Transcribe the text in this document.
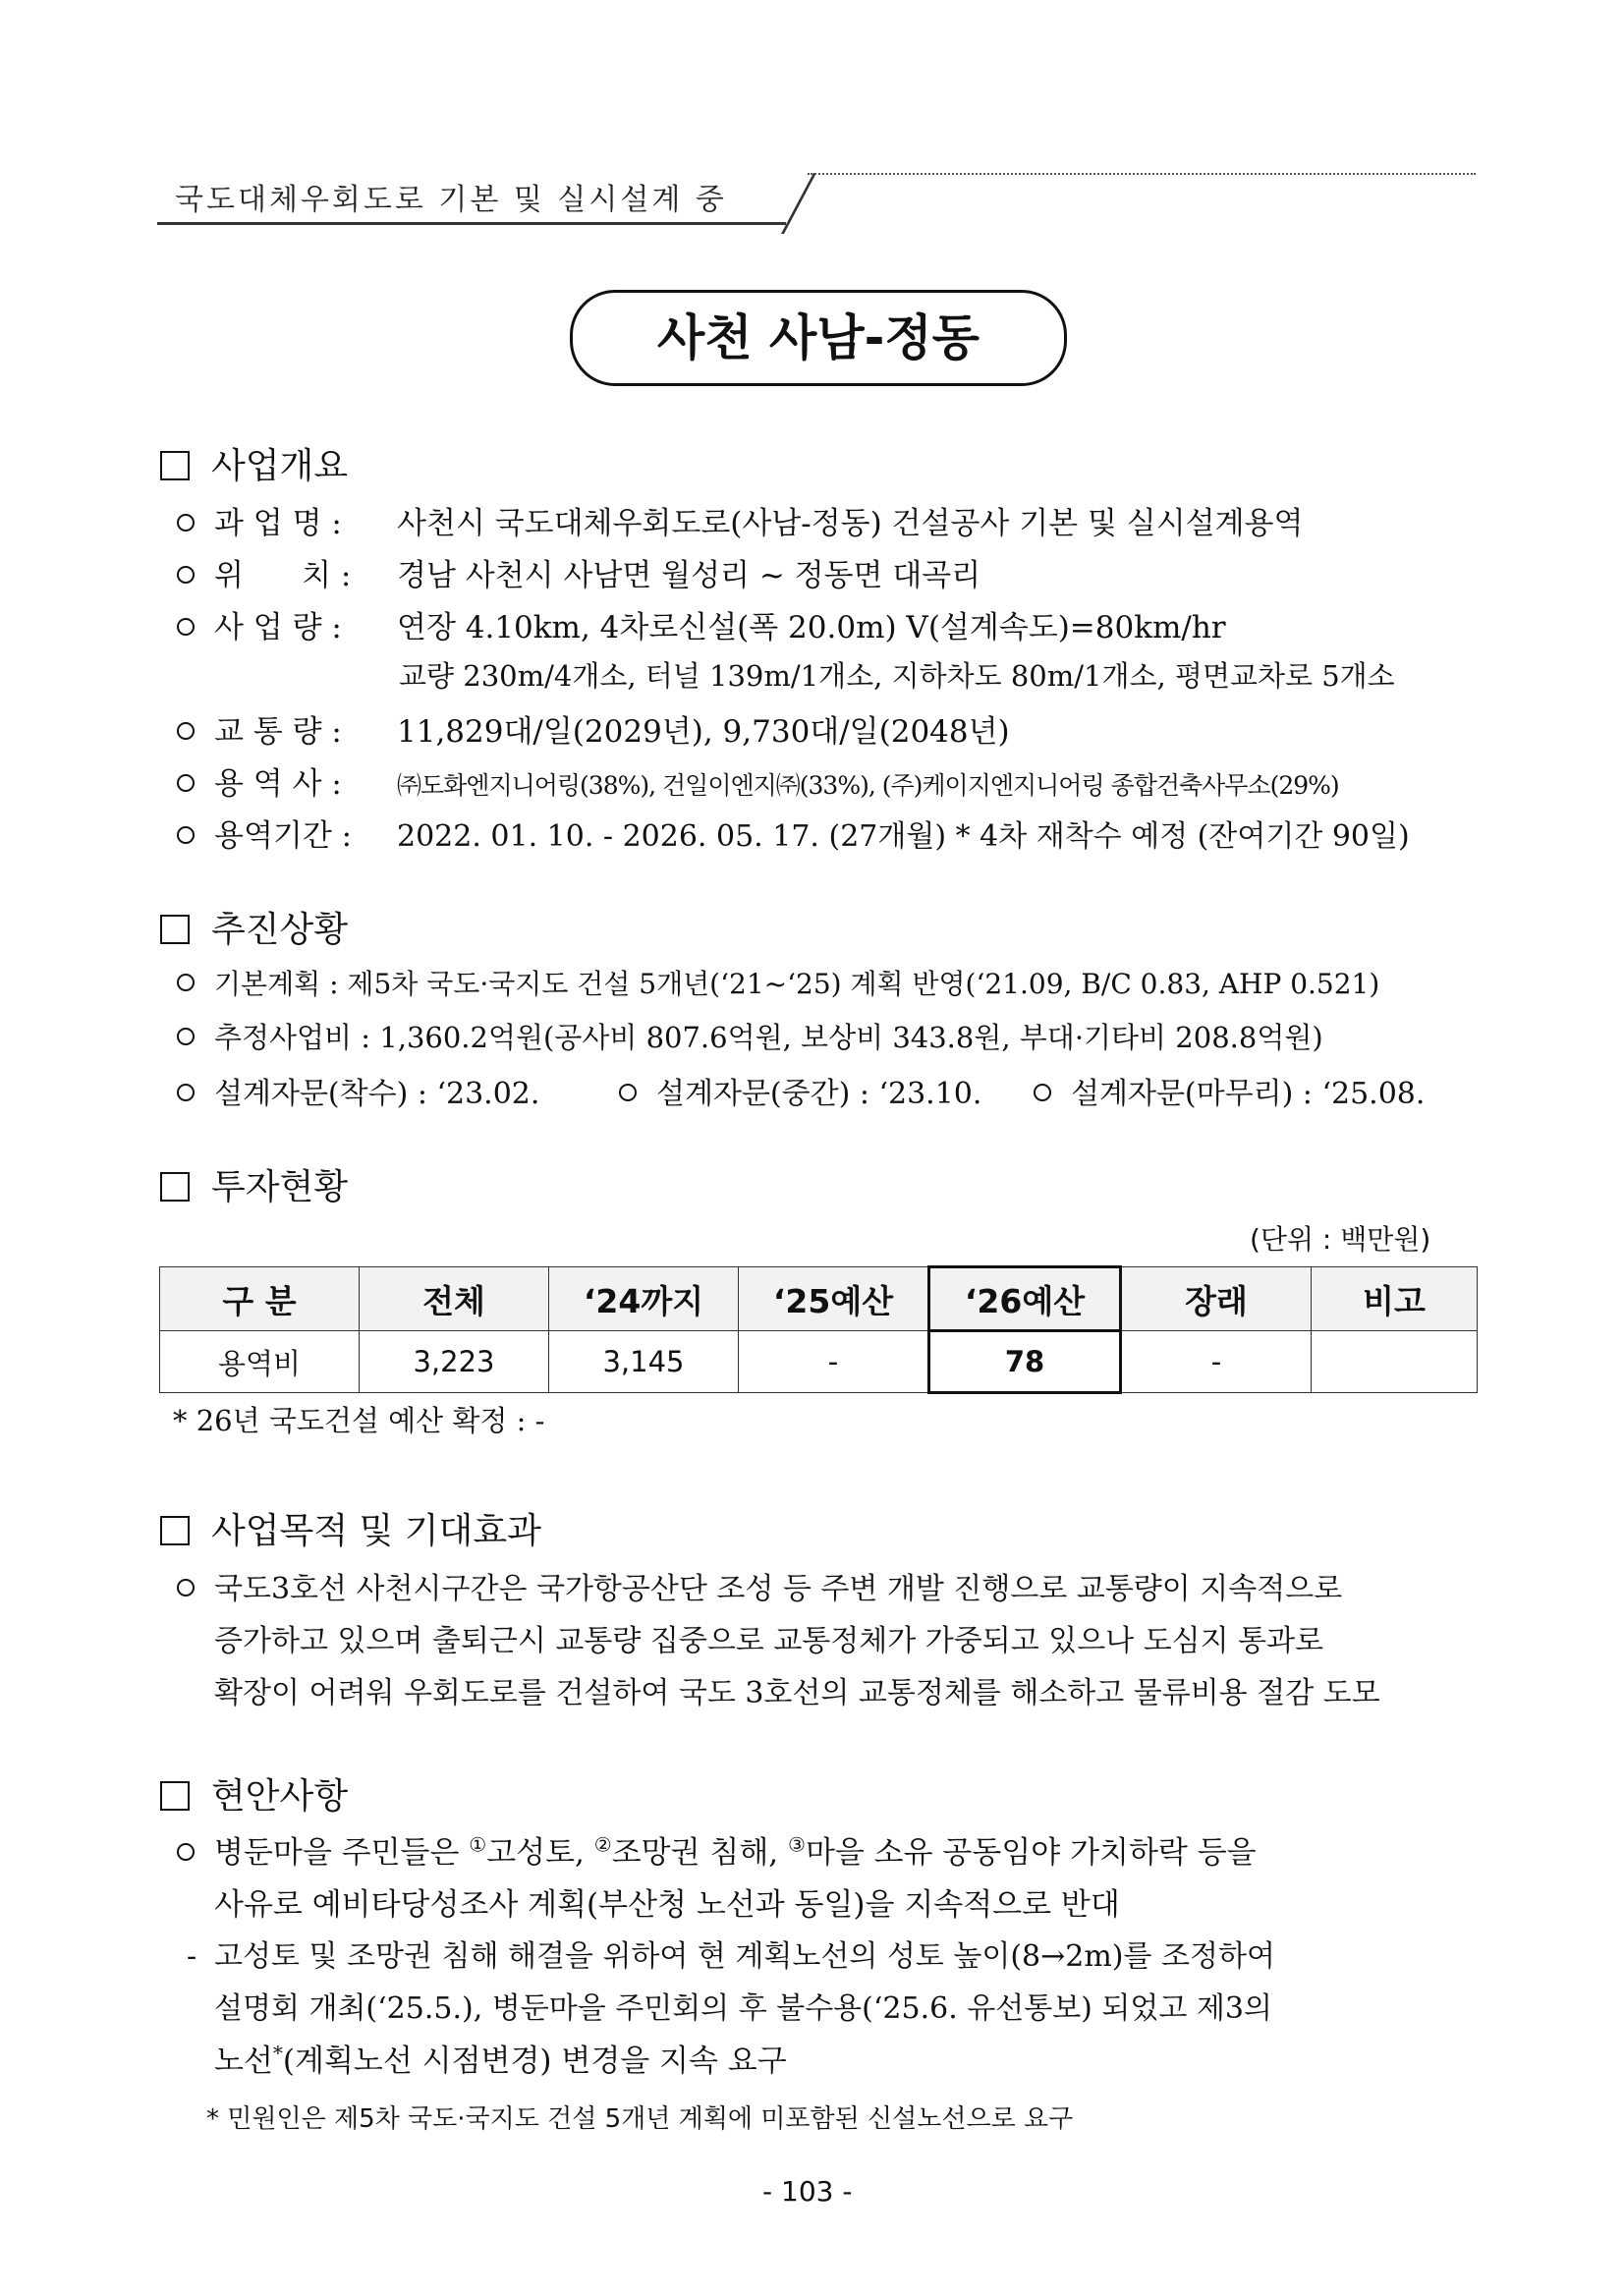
국도대체우회도로 기본 및 실시설계 중
사천 사남-정동
사업개요
과 업 명 : 사천시 국도대체우회도로(사남-정동) 건설공사 기본 및 실시설계용역
위      치 : 경남 사천시 사남면 월성리 ~ 정동면 대곡리
사 업 량 : 연장 4.10km, 4차로신설(폭 20.0m) V(설계속도)=80km/hr
교량 230m/4개소, 터널 139m/1개소, 지하차도 80m/1개소, 평면교차로 5개소
교 통 량 : 11,829대/일(2029년), 9,730대/일(2048년)
용 역 사 : ㈜도화엔지니어링(38%), 건일이엔지㈜(33%), (주)케이지엔지니어링 종합건축사무소(29%)
용역기간 : 2022. 01. 10. - 2026. 05. 17. (27개월) * 4차 재착수 예정 (잔여기간 90일)
추진상황
기본계획 : 제5차 국도·국지도 건설 5개년(‘21~‘25) 계획 반영(‘21.09, B/C 0.83, AHP 0.521)
추정사업비 : 1,360.2억원(공사비 807.6억원, 보상비 343.8원, 부대·기타비 208.8억원)
설계자문(착수) : ‘23.02.	설계자문(중간) : ‘23.10.	설계자문(마무리) : ‘25.08.
투자현황
(단위 : 백만원)
구 분	전체	‘24까지	‘25예산	‘26예산	장래	비고
용역비	3,223	3,145	-	78	-	
* 26년 국도건설 예산 확정 : -
사업목적 및 기대효과
국도3호선 사천시구간은 국가항공산단 조성 등 주변 개발 진행으로 교통량이 지속적으로
증가하고 있으며 출퇴근시 교통량 집중으로 교통정체가 가중되고 있으나 도심지 통과로
확장이 어려워 우회도로를 건설하여 국도 3호선의 교통정체를 해소하고 물류비용 절감 도모
현안사항
병둔마을 주민들은 ①고성토, ②조망권 침해, ③마을 소유 공동임야 가치하락 등을
사유로 예비타당성조사 계획(부산청 노선과 동일)을 지속적으로 반대
- 고성토 및 조망권 침해 해결을 위하여 현 계획노선의 성토 높이(8→2m)를 조정하여
설명회 개최(‘25.5.), 병둔마을 주민회의 후 불수용(‘25.6. 유선통보) 되었고 제3의
노선*(계획노선 시점변경) 변경을 지속 요구
* 민원인은 제5차 국도·국지도 건설 5개년 계획에 미포함된 신설노선으로 요구
- 103 -
